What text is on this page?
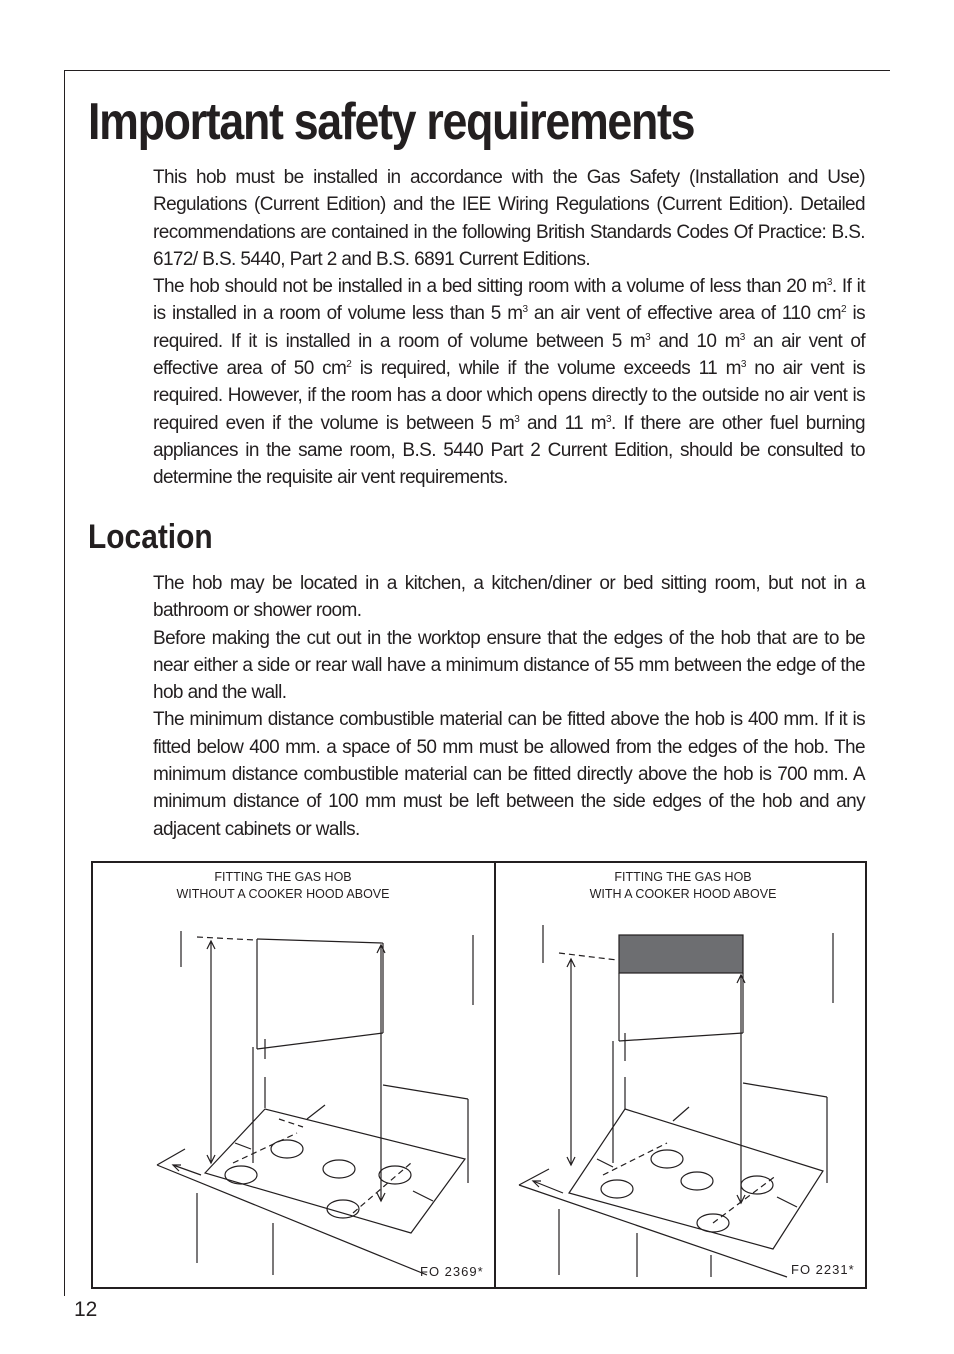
Important safety requirements

This hob must be installed in accordance with the Gas Safety (Installation and Use) Regulations (Current Edition) and the IEE Wiring Regulations (Current Edition). Detailed recommendations are contained in the following British Standards Codes Of Practice: B.S. 6172/ B.S. 5440, Part 2 and B.S. 6891 Current Editions.

The hob should not be installed in a bed sitting room with a volume of less than 20 $m^3$. If it is installed in a room of volume less than 5 $m^3$ an air vent of effective area of 110 $cm^2$ is required. If it is installed in a room of volume between 5 $m^3$ and 10 $m^3$ an air vent of effective area of 50 $cm^2$ is required, while if the volume exceeds 11 $m^3$ no air vent is required. However, if the room has a door which opens directly to the outside no air vent is required even if the volume is between 5 $m^3$ and 11 $m^3$. If there are other fuel burning appliances in the same room, B.S. 5440 Part 2 Current Edition, should be consulted to determine the requisite air vent requirements.

Location

The hob may be located in a kitchen, a kitchen/diner or bed sitting room, but not in a bathroom or shower room.

Before making the cut out in the worktop ensure that the edges of the hob that are to be near either a side or rear wall have a minimum distance of 55 mm between the edge of the hob and the wall.

The minimum distance combustible material can be fitted above the hob is 400 mm. If it is fitted below 400 mm. a space of 50 mm must be allowed from the edges of the hob. The minimum distance combustible material can be fitted directly above the hob is 700 mm. A minimum distance of 100 mm must be left between the side edges of the hob and any adjacent cabinets or walls.

FITTING THE GAS HOB
WITHOUT A COOKER HOOD ABOVE
FITTING THE GAS HOB
WITH A COOKER HOOD ABOVE
FO 2369*	FO 2231*
12
